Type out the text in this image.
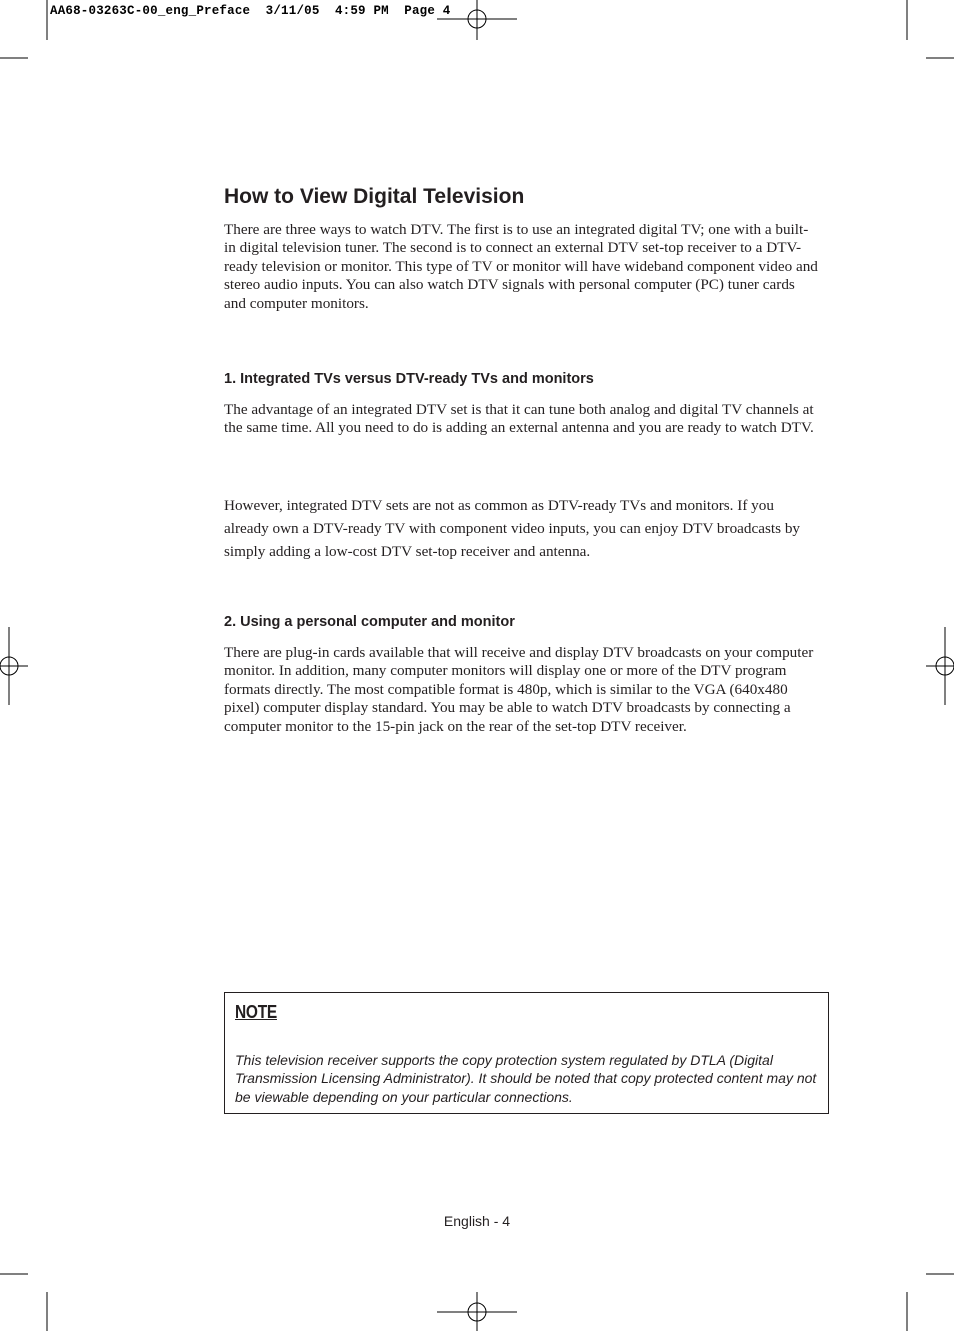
AA68-03263C-00_eng_Preface  3/11/05  4:59 PM  Page 4
How to View Digital Television

There are three ways to watch DTV. The first is to use an integrated digital TV; one with a built-in digital television tuner. The second is to connect an external DTV set-top receiver to a DTV-ready television or monitor. This type of TV or monitor will have wideband component video and stereo audio inputs. You can also watch DTV signals with personal computer (PC) tuner cards and computer monitors.

1. Integrated TVs versus DTV-ready TVs and monitors

The advantage of an integrated DTV set is that it can tune both analog and digital TV channels at the same time. All you need to do is adding an external antenna and you are ready to watch DTV.

However, integrated DTV sets are not as common as DTV-ready TVs and monitors. If you already own a DTV-ready TV with component video inputs, you can enjoy DTV broadcasts by simply adding a low-cost DTV set-top receiver and antenna.

2. Using a personal computer and monitor

There are plug-in cards available that will receive and display DTV broadcasts on your computer monitor. In addition, many computer monitors will display one or more of the DTV program formats directly. The most compatible format is 480p, which is similar to the VGA (640x480 pixel) computer display standard. You may be able to watch DTV broadcasts by connecting a computer monitor to the 15-pin jack on the rear of the set-top DTV receiver.

NOTE

This television receiver supports the copy protection system regulated by DTLA (Digital Transmission Licensing Administrator). It should be noted that copy protected content may not be viewable depending on your particular connections.

English - 4
